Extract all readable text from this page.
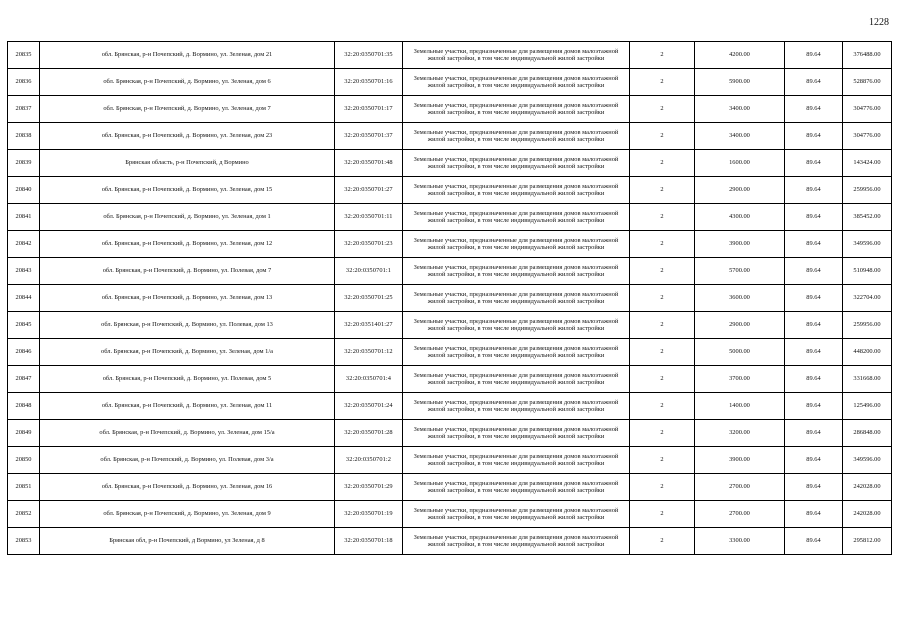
1228
20835	обл. Брянская, р-н Почепский, д. Вормино, ул. Зеленая, дом 21	32:20:0350701:35	Земельные участки, предназначенные для размещения домов малоэтажной жилой застройки, в том числе индивидуальной жилой застройки	2	4200.00	89.64	376488.00
20836	обл. Брянская, р-н Почепский, д. Вормино, ул. Зеленая, дом 6	32:20:0350701:16	Земельные участки, предназначенные для размещения домов малоэтажной жилой застройки, в том числе индивидуальной жилой застройки	2	5900.00	89.64	528876.00
20837	обл. Брянская, р-н Почепский, д. Вормино, ул. Зеленая, дом 7	32:20:0350701:17	Земельные участки, предназначенные для размещения домов малоэтажной жилой застройки, в том числе индивидуальной жилой застройки	2	3400.00	89.64	304776.00
20838	обл. Брянская, р-н Почепский, д. Вормино, ул. Зеленая, дом 23	32:20:0350701:37	Земельные участки, предназначенные для размещения домов малоэтажной жилой застройки, в том числе индивидуальной жилой застройки	2	3400.00	89.64	304776.00
20839	Брянская область, р-н Почепский, д Вормино	32:20:0350701:48	Земельные участки, предназначенные для размещения домов малоэтажной жилой застройки, в том числе индивидуальной жилой застройки	2	1600.00	89.64	143424.00
20840	обл. Брянская, р-н Почепский, д. Вормино, ул. Зеленая, дом 15	32:20:0350701:27	Земельные участки, предназначенные для размещения домов малоэтажной жилой застройки, в том числе индивидуальной жилой застройки	2	2900.00	89.64	259956.00
20841	обл. Брянская, р-н Почепский, д. Вормино, ул. Зеленая, дом 1	32:20:0350701:11	Земельные участки, предназначенные для размещения домов малоэтажной жилой застройки, в том числе индивидуальной жилой застройки	2	4300.00	89.64	385452.00
20842	обл. Брянская, р-н Почепский, д. Вормино, ул. Зеленая, дом 12	32:20:0350701:23	Земельные участки, предназначенные для размещения домов малоэтажной жилой застройки, в том числе индивидуальной жилой застройки	2	3900.00	89.64	349596.00
20843	обл. Брянская, р-н Почепский, д. Вормино, ул. Полевая, дом 7	32:20:0350701:1	Земельные участки, предназначенные для размещения домов малоэтажной жилой застройки, в том числе индивидуальной жилой застройки	2	5700.00	89.64	510948.00
20844	обл. Брянская, р-н Почепский, д. Вормино, ул. Зеленая, дом 13	32:20:0350701:25	Земельные участки, предназначенные для размещения домов малоэтажной жилой застройки, в том числе индивидуальной жилой застройки	2	3600.00	89.64	322704.00
20845	обл. Брянская, р-н Почепский, д. Вормино, ул. Полевая, дом 13	32:20:0351401:27	Земельные участки, предназначенные для размещения домов малоэтажной жилой застройки, в том числе индивидуальной жилой застройки	2	2900.00	89.64	259956.00
20846	обл. Брянская, р-н Почепский, д. Вормино, ул. Зеленая, дом 1/а	32:20:0350701:12	Земельные участки, предназначенные для размещения домов малоэтажной жилой застройки, в том числе индивидуальной жилой застройки	2	5000.00	89.64	448200.00
20847	обл. Брянская, р-н Почепский, д. Вормино, ул. Полевая, дом 5	32:20:0350701:4	Земельные участки, предназначенные для размещения домов малоэтажной жилой застройки, в том числе индивидуальной жилой застройки	2	3700.00	89.64	331668.00
20848	обл. Брянская, р-н Почепский, д. Вормино, ул. Зеленая, дом 11	32:20:0350701:24	Земельные участки, предназначенные для размещения домов малоэтажной жилой застройки, в том числе индивидуальной жилой застройки	2	1400.00	89.64	125496.00
20849	обл. Брянская, р-н Почепский, д. Вормино, ул. Зеленая, дом 15/а	32:20:0350701:28	Земельные участки, предназначенные для размещения домов малоэтажной жилой застройки, в том числе индивидуальной жилой застройки	2	3200.00	89.64	286848.00
20850	обл. Брянская, р-н Почепский, д. Вормино, ул. Полевая, дом 3/а	32:20:0350701:2	Земельные участки, предназначенные для размещения домов малоэтажной жилой застройки, в том числе индивидуальной жилой застройки	2	3900.00	89.64	349596.00
20851	обл. Брянская, р-н Почепский, д. Вормино, ул. Зеленая, дом 16	32:20:0350701:29	Земельные участки, предназначенные для размещения домов малоэтажной жилой застройки, в том числе индивидуальной жилой застройки	2	2700.00	89.64	242028.00
20852	обл. Брянская, р-н Почепский, д. Вормино, ул. Зеленая, дом 9	32:20:0350701:19	Земельные участки, предназначенные для размещения домов малоэтажной жилой застройки, в том числе индивидуальной жилой застройки	2	2700.00	89.64	242028.00
20853	Брянская обл, р-н Почепский, д Вормино, ул Зеленая, д 8	32:20:0350701:18	Земельные участки, предназначенные для размещения домов малоэтажной жилой застройки, в том числе индивидуальной жилой застройки	2	3300.00	89.64	295812.00
